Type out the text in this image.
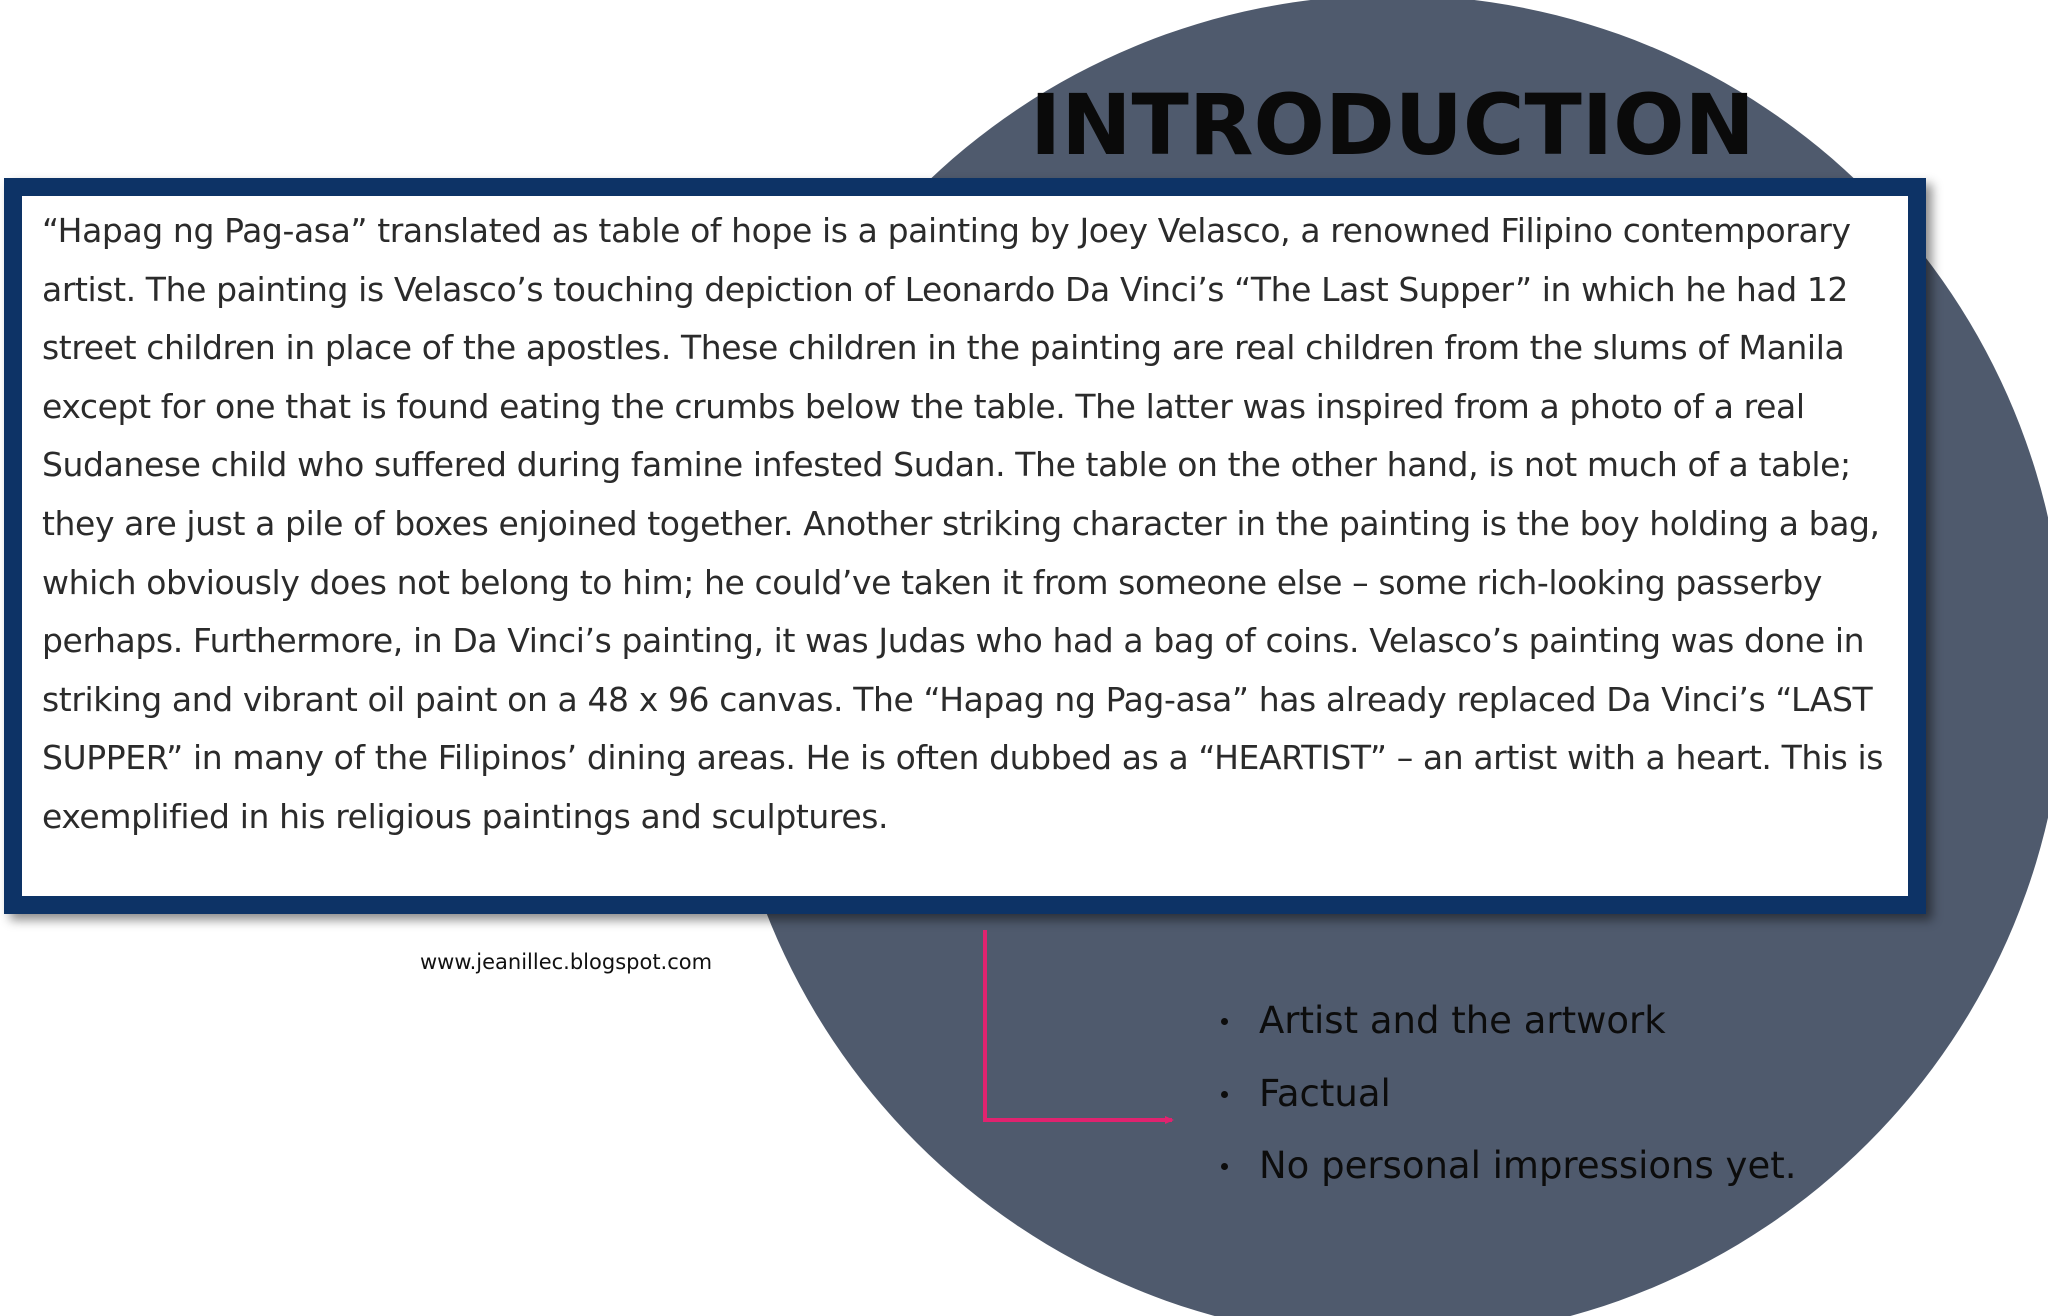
INTRODUCTION

“Hapag ng Pag-asa” translated as table of hope is a painting by Joey Velasco, a renowned Filipino contemporary artist. The painting is Velasco’s touching depiction of Leonardo Da Vinci’s “The Last Supper” in which he had 12 street children in place of the apostles. These children in the painting are real children from the slums of Manila except for one that is found eating the crumbs below the table. The latter was inspired from a photo of a real Sudanese child who suffered during famine infested Sudan. The table on the other hand, is not much of a table; they are just a pile of boxes enjoined together. Another striking character in the painting is the boy holding a bag, which obviously does not belong to him; he could’ve taken it from someone else – some rich-looking passerby perhaps. Furthermore, in Da Vinci’s painting, it was Judas who had a bag of coins. Velasco’s painting was done in striking and vibrant oil paint on a 48 x 96 canvas. The “Hapag ng Pag-asa” has already replaced Da Vinci’s “LAST SUPPER” in many of the Filipinos’ dining areas. He is often dubbed as a “HEARTIST” – an artist with a heart. This is exemplified in his religious paintings and sculptures.

www.jeanillec.blogspot.com
Artist and the artwork
Factual
No personal impressions yet.
